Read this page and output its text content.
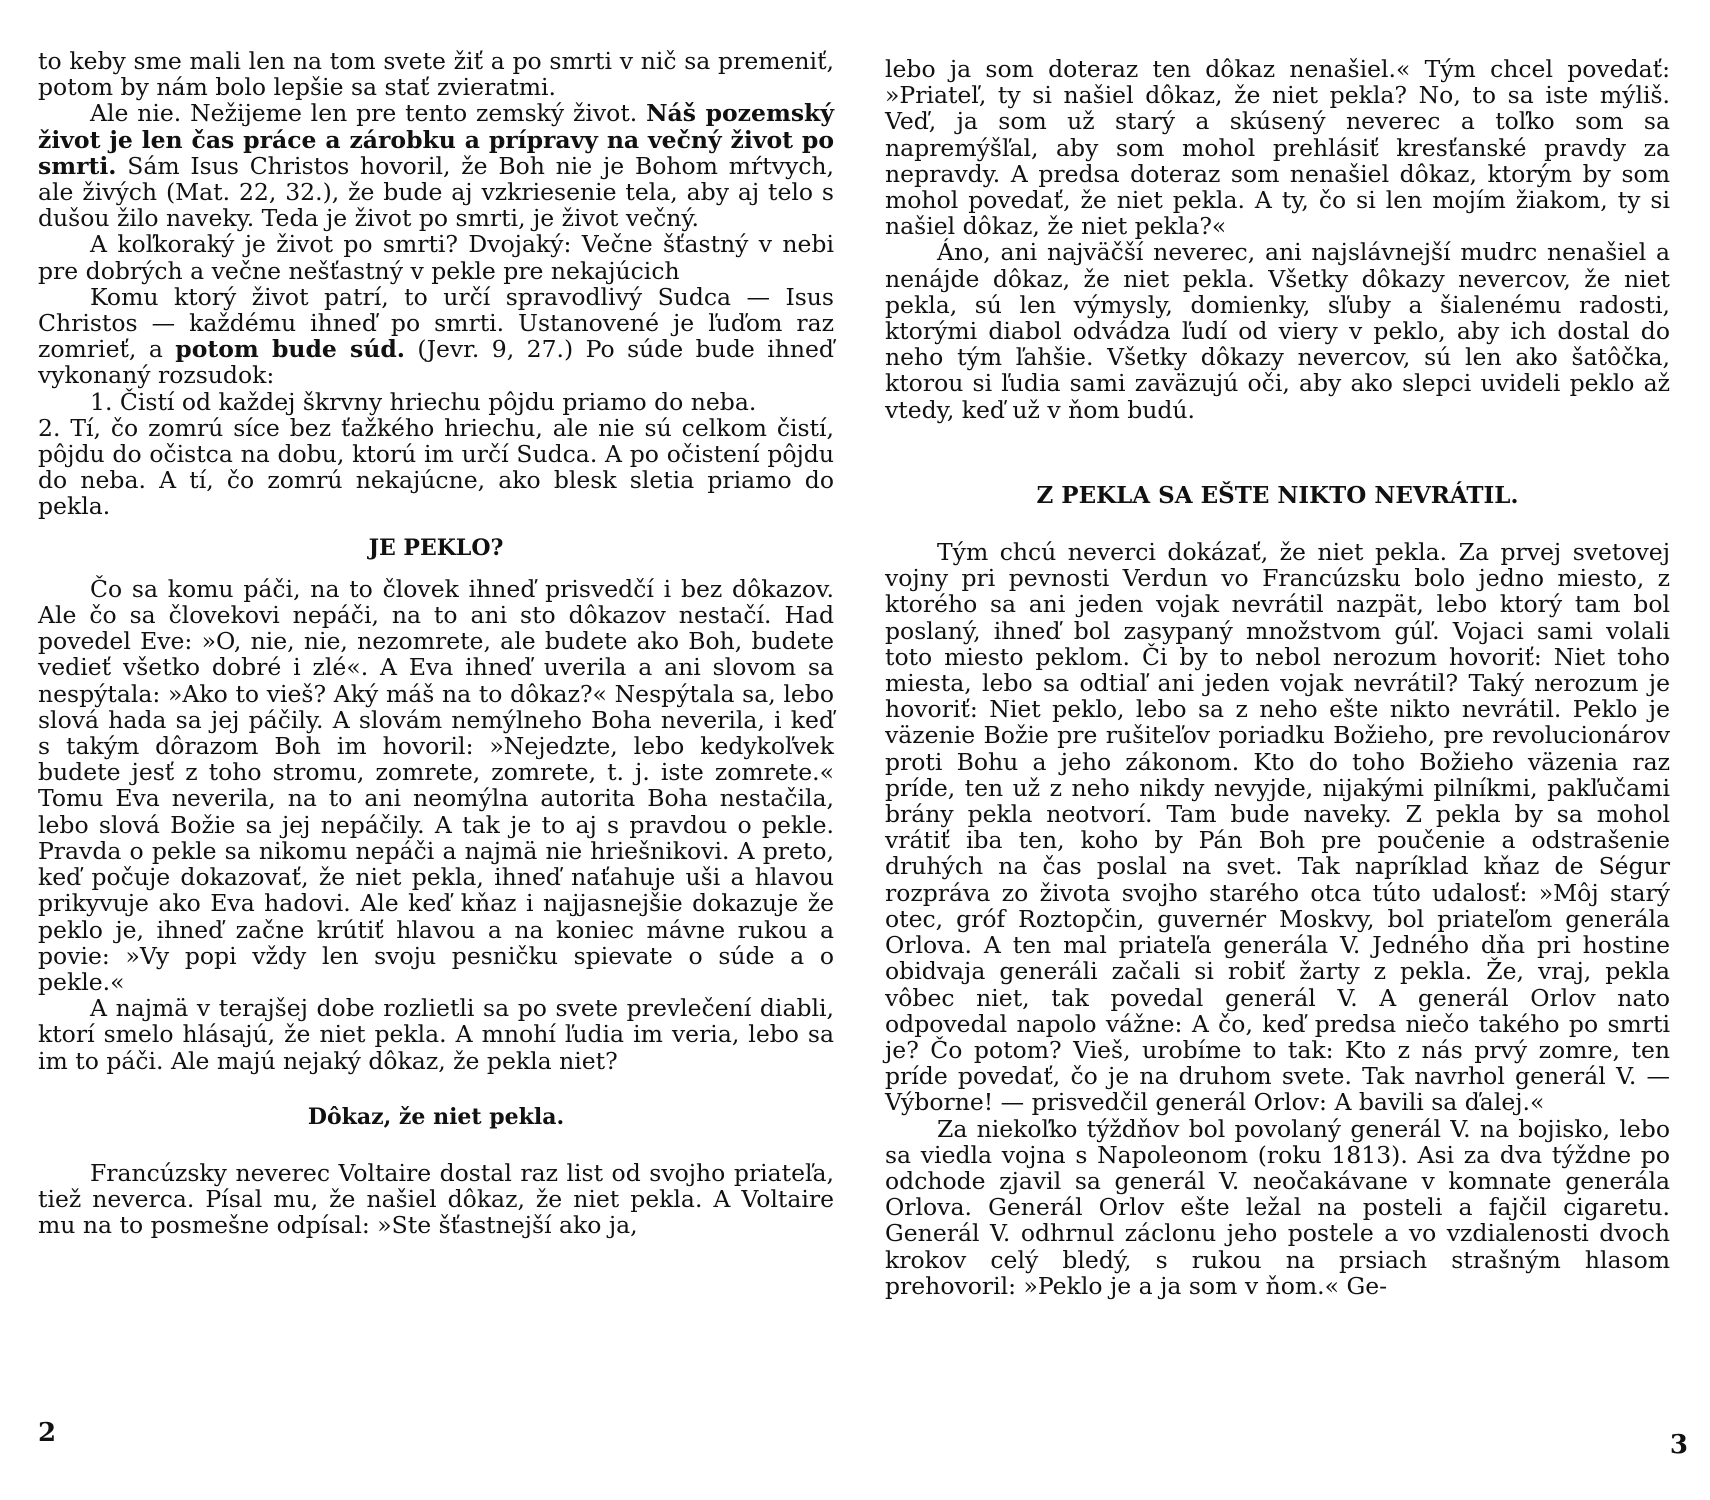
to keby sme mali len na tom svete žiť a po smrti v nič sa premeniť, potom by nám bolo lepšie sa stať zvieratmi.

Ale nie. Nežijeme len pre tento zemský život. Náš pozemský život je len čas práce a zárobku a prípravy na večný život po smrti. Sám Isus Christos hovoril, že Boh nie je Bohom mŕtvych, ale živých (Mat. 22, 32.), že bude aj vzkriesenie tela, aby aj telo s dušou žilo naveky. Teda je život po smrti, je život večný.

A koľkoraký je život po smrti? Dvojaký: Večne šťastný v nebi pre dobrých a večne nešťastný v pekle pre nekajúcich

Komu ktorý život patrí, to určí spravodlivý Sudca — Isus Christos — každému ihneď po smrti. Ustanovené je ľuďom raz zomrieť, a potom bude súd. (Jevr. 9, 27.) Po súde bude ihneď vykonaný rozsudok:

1. Čistí od každej škrvny hriechu pôjdu priamo do neba.

2. Tí, čo zomrú síce bez ťažkého hriechu, ale nie sú celkom čistí, pôjdu do očistca na dobu, ktorú im určí Sudca. A po očistení pôjdu do neba. A tí, čo zomrú nekajúcne, ako blesk sletia priamo do pekla.

JE PEKLO?

Čo sa komu páči, na to človek ihneď prisvedčí i bez dôkazov. Ale čo sa človekovi nepáči, na to ani sto dôkazov nestačí. Had povedel Eve: »O, nie, nie, nezomrete, ale budete ako Boh, budete vedieť všetko dobré i zlé«. A Eva ihneď uverila a ani slovom sa nespýtala: »Ako to vieš? Aký máš na to dôkaz?« Nespýtala sa, lebo slová hada sa jej páčily. A slovám nemýlneho Boha neverila, i keď s takým dôrazom Boh im hovoril: »Nejedzte, lebo kedykoľvek budete jesť z toho stromu, zomrete, zomrete, t. j. iste zomrete.« Tomu Eva neverila, na to ani neomýlna autorita Boha nestačila, lebo slová Božie sa jej nepáčily. A tak je to aj s pravdou o pekle. Pravda o pekle sa nikomu nepáči a najmä nie hriešnikovi. A preto, keď počuje dokazovať, že niet pekla, ihneď naťahuje uši a hlavou prikyvuje ako Eva hadovi. Ale keď kňaz i najjasnejšie dokazuje že peklo je, ihneď začne krútiť hlavou a na koniec mávne rukou a povie: »Vy popi vždy len svoju pesničku spievate o súde a o pekle.«

A najmä v terajšej dobe rozlietli sa po svete prevlečení diabli, ktorí smelo hlásajú, že niet pekla. A mnohí ľudia im veria, lebo sa im to páči. Ale majú nejaký dôkaz, že pekla niet?

Dôkaz, že niet pekla.

Francúzsky neverec Voltaire dostal raz list od svojho priateľa, tiež neverca. Písal mu, že našiel dôkaz, že niet pekla. A Voltaire mu na to posmešne odpísal: »Ste šťastnejší ako ja,

2

lebo ja som doteraz ten dôkaz nenašiel.« Tým chcel povedať: »Priateľ, ty si našiel dôkaz, že niet pekla? No, to sa iste mýliš. Veď, ja som už starý a skúsený neverec a toľko som sa napremýšľal, aby som mohol prehlásiť kresťanské pravdy za nepravdy. A predsa doteraz som nenašiel dôkaz, ktorým by som mohol povedať, že niet pekla. A ty, čo si len mojím žiakom, ty si našiel dôkaz, že niet pekla?«

Áno, ani najväčší neverec, ani najslávnejší mudrc nenašiel a nenájde dôkaz, že niet pekla. Všetky dôkazy nevercov, že niet pekla, sú len výmysly, domienky, sľuby a šialenému radosti, ktorými diabol odvádza ľudí od viery v peklo, aby ich dostal do neho tým ľahšie. Všetky dôkazy nevercov, sú len ako šatôčka, ktorou si ľudia sami zaväzujú oči, aby ako slepci uvideli peklo až vtedy, keď už v ňom budú.

Z PEKLA SA EŠTE NIKTO NEVRÁTIL.

Tým chcú neverci dokázať, že niet pekla. Za prvej svetovej vojny pri pevnosti Verdun vo Francúzsku bolo jedno miesto, z ktorého sa ani jeden vojak nevrátil nazpät, lebo ktorý tam bol poslaný, ihneď bol zasypaný množstvom gúľ. Vojaci sami volali toto miesto peklom. Či by to nebol nerozum hovoriť: Niet toho miesta, lebo sa odtiaľ ani jeden vojak nevrátil? Taký nerozum je hovoriť: Niet peklo, lebo sa z neho ešte nikto nevrátil. Peklo je väzenie Božie pre rušiteľov poriadku Božieho, pre revolucionárov proti Bohu a jeho zákonom. Kto do toho Božieho väzenia raz príde, ten už z neho nikdy nevyjde, nijakými pilníkmi, pakľučami brány pekla neotvorí. Tam bude naveky. Z pekla by sa mohol vrátiť iba ten, koho by Pán Boh pre poučenie a odstrašenie druhých na čas poslal na svet. Tak napríklad kňaz de Ségur rozpráva zo života svojho starého otca túto udalosť: »Môj starý otec, gróf Roztopčin, guvernér Moskvy, bol priateľom generála Orlova. A ten mal priateľa generála V. Jedného dňa pri hostine obidvaja generáli začali si robiť žarty z pekla. Že, vraj, pekla vôbec niet, tak povedal generál V. A generál Orlov nato odpovedal napolo vážne: A čo, keď predsa niečo takého po smrti je? Čo potom? Vieš, urobíme to tak: Kto z nás prvý zomre, ten príde povedať, čo je na druhom svete. Tak navrhol generál V. — Výborne! — prisvedčil generál Orlov: A bavili sa ďalej.«

Za niekoľko týždňov bol povolaný generál V. na bojisko, lebo sa viedla vojna s Napoleonom (roku 1813). Asi za dva týždne po odchode zjavil sa generál V. neočakávane v komnate generála Orlova. Generál Orlov ešte ležal na posteli a fajčil cigaretu. Generál V. odhrnul záclonu jeho postele a vo vzdialenosti dvoch krokov celý bledý, s rukou na prsiach strašným hlasom prehovoril: »Peklo je a ja som v ňom.« Ge-

3
